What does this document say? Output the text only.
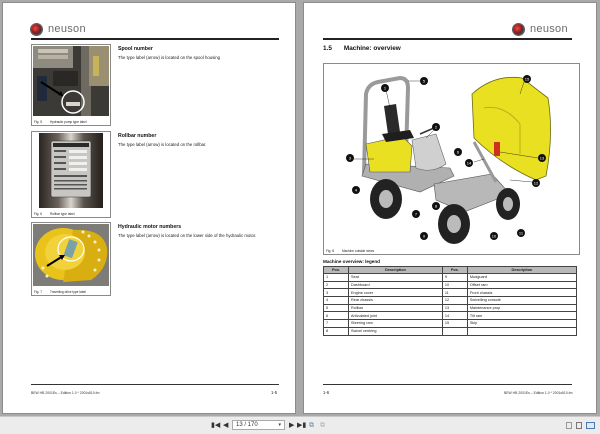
neuson
Fig. 5	Hydraulic pump type label
Spool number
The type label (arrow) is located on the spool housing
Fig. 6	Rollbar type label
Rollbar number
The type label (arrow) is located on the rollbar.
Fig. 7	Travelling drive type label
Hydraulic motor numbers
The type label (arrow) is located on the lower side of the hydraulic motor.
BEW HB 2001Es – Edition 1.0 * 2001s510.fm	1-5
neuson
1.5 Machine: overview
1
2
3
4
5
6
7
8
9	10
11
12
13
14
15
Fig. 8	Machine outside views
Machine overview: legend
Pos.	Description	Pos.	Description
1	Seat	9	Mudguard
2	Dashboard	10	Offset ram
3	Engine cover	11	Front chassis
4	Rear chassis	12	Swivelling console
5	Rollbar	13	Maintenance prop
6	Articulated joint	14	Tilt ram
7	Steering ram	15	Skip
8	Swivel centring		
1-6	BEW HB 2001Es – Edition 1.0 * 2001s510.fm
▮◀ ◀	13 / 170	▾ ▶ ▶▮ ⧉ ⧉
